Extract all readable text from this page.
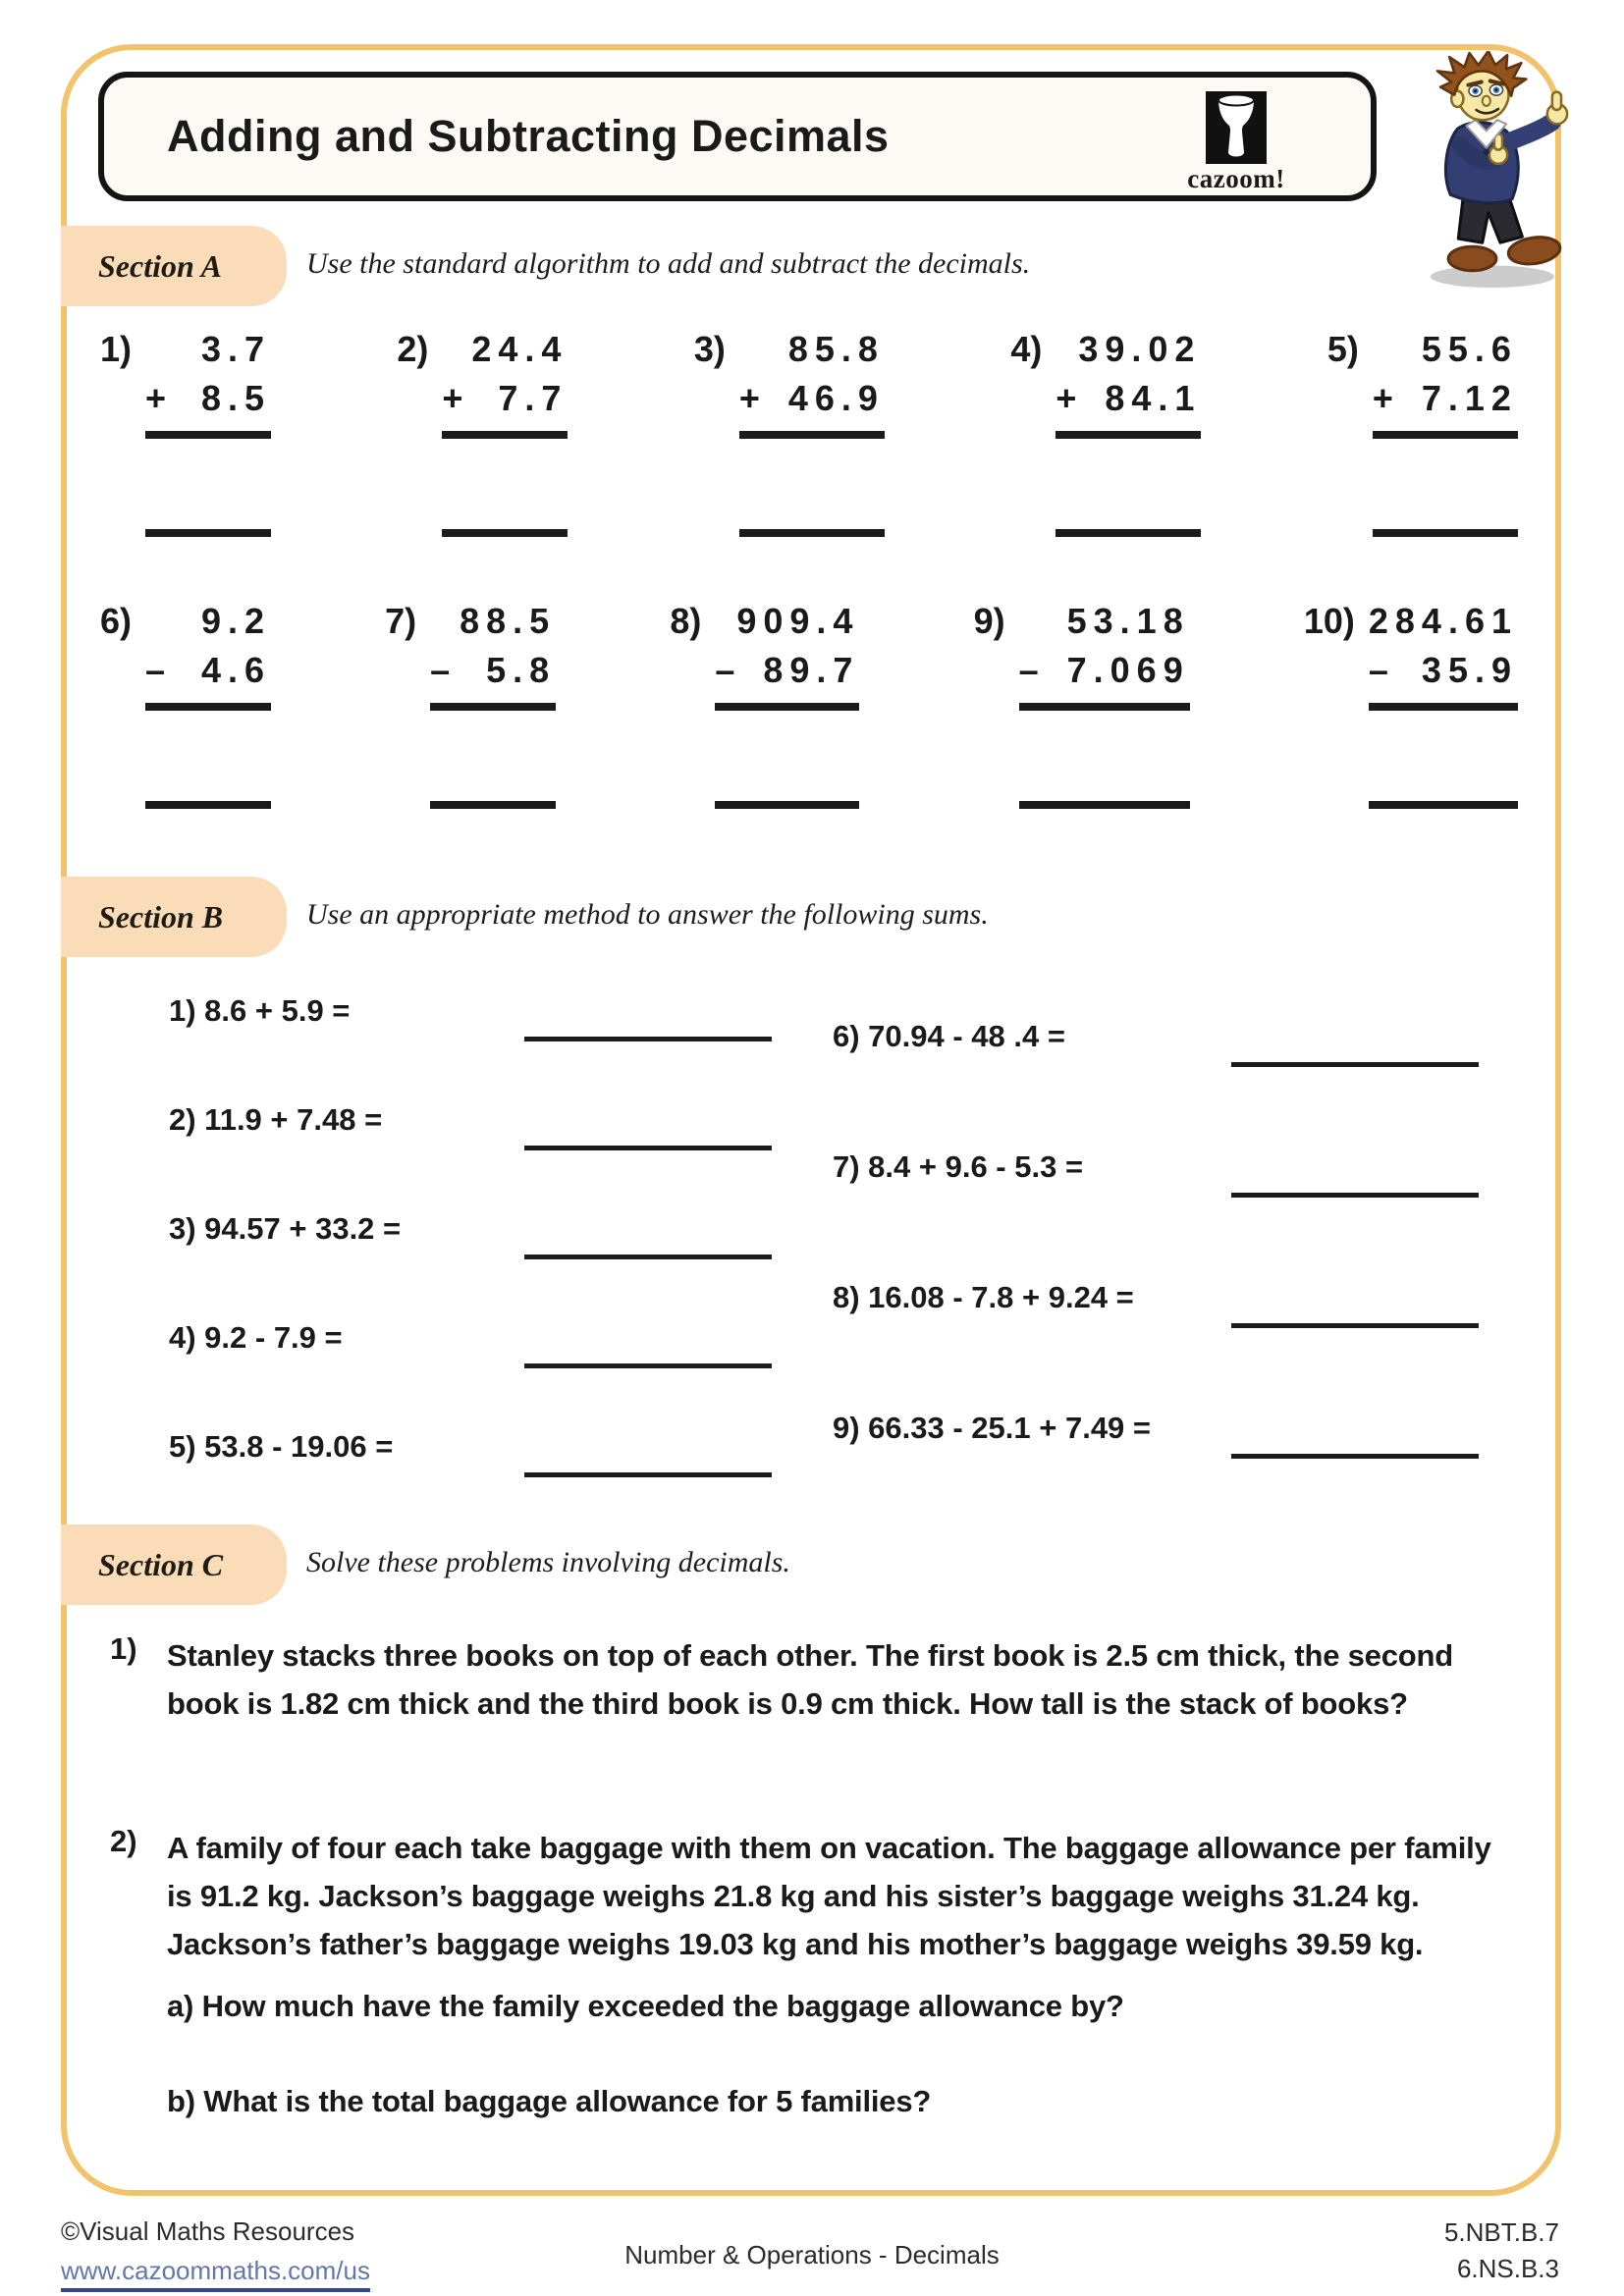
Adding and Subtracting Decimals
cazoom!
Section A	Use the standard algorithm to add and subtract the decimals.
1)	3.7
+ 8.5
2)	24.4
+ 7.7
3)	85.8
+ 46.9
4)	39.02
+ 84.1
5)	55.6
+ 7.12
6)	9.2
– 4.6
7)	88.5
– 5.8
8)	909.4
– 89.7
9)	53.18
– 7.069
10) 284.61
– 35.9
Section B	Use an appropriate method to answer the following sums.
1) 8.6 + 5.9 =
2) 11.9 + 7.48 =
3) 94.57 + 33.2 =
4) 9.2 - 7.9 =
5) 53.8 - 19.06 =
6) 70.94 - 48 .4 =
7) 8.4 + 9.6 - 5.3 =
8) 16.08 - 7.8 + 9.24 =
9) 66.33 - 25.1 + 7.49 =
Section C	Solve these problems involving decimals.
1) Stanley stacks three books on top of each other. The first book is 2.5 cm thick, the second book is 1.82 cm thick and the third book is 0.9 cm thick. How tall is the stack of books?
2) A family of four each take baggage with them on vacation. The baggage allowance per family is 91.2 kg. Jackson’s baggage weighs 21.8 kg and his sister’s baggage weighs 31.24 kg. Jackson’s father’s baggage weighs 19.03 kg and his mother’s baggage weighs 39.59 kg.
a) How much have the family exceeded the baggage allowance by?
b) What is the total baggage allowance for 5 families?
©Visual Maths Resources
www.cazoommaths.com/us
Number & Operations - Decimals
5.NBT.B.7
6.NS.B.3
